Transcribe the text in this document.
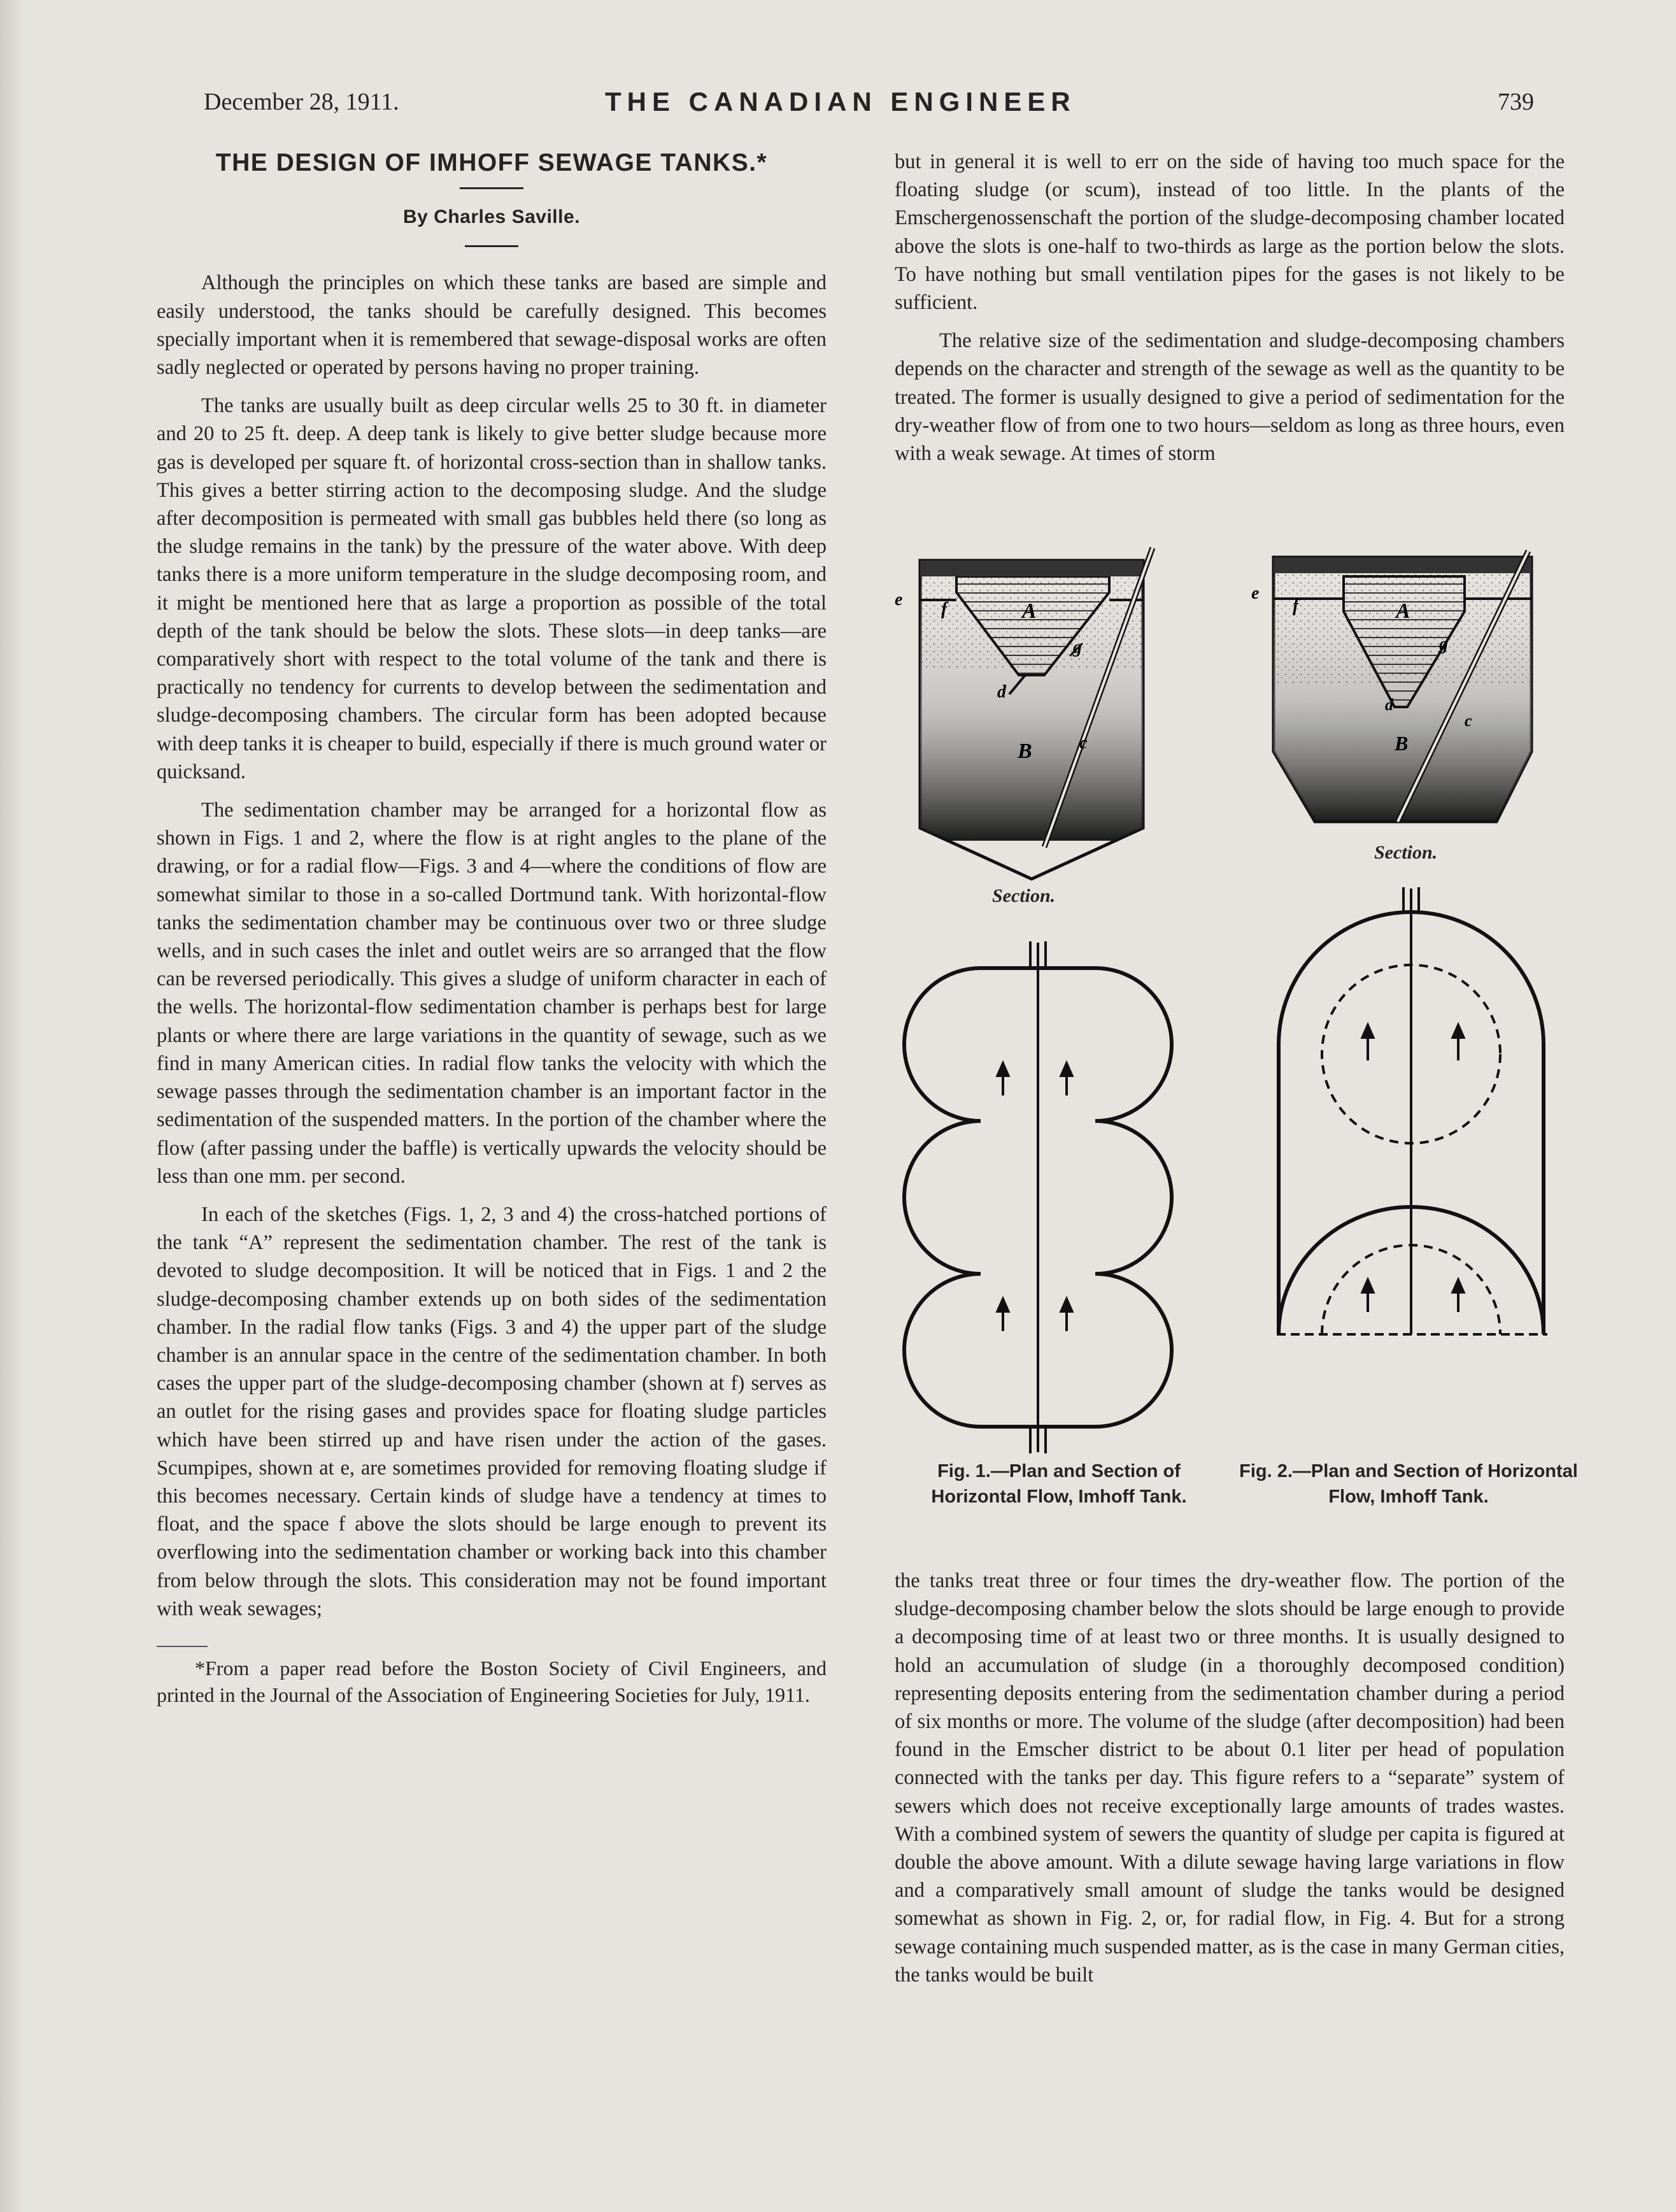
December 28, 1911.	THE CANADIAN ENGINEER	739
THE DESIGN OF IMHOFF SEWAGE TANKS.*
By Charles Saville.

Although the principles on which these tanks are based are simple and easily understood, the tanks should be carefully designed. This becomes specially important when it is remembered that sewage-disposal works are often sadly neglected or operated by persons having no proper training.

The tanks are usually built as deep circular wells 25 to 30 ft. in diameter and 20 to 25 ft. deep. A deep tank is likely to give better sludge because more gas is developed per square ft. of horizontal cross-section than in shallow tanks. This gives a better stirring action to the decomposing sludge. And the sludge after decomposition is permeated with small gas bubbles held there (so long as the sludge remains in the tank) by the pressure of the water above. With deep tanks there is a more uniform temperature in the sludge decomposing room, and it might be mentioned here that as large a proportion as possible of the total depth of the tank should be below the slots. These slots—in deep tanks—are comparatively short with respect to the total volume of the tank and there is practically no tendency for currents to develop between the sedimentation and sludge-decomposing chambers. The circular form has been adopted because with deep tanks it is cheaper to build, especially if there is much ground water or quicksand.

The sedimentation chamber may be arranged for a horizontal flow as shown in Figs. 1 and 2, where the flow is at right angles to the plane of the drawing, or for a radial flow—Figs. 3 and 4—where the conditions of flow are somewhat similar to those in a so-called Dortmund tank. With horizontal-flow tanks the sedimentation chamber may be continuous over two or three sludge wells, and in such cases the inlet and outlet weirs are so arranged that the flow can be reversed periodically. This gives a sludge of uniform character in each of the wells. The horizontal-flow sedimentation chamber is perhaps best for large plants or where there are large variations in the quantity of sewage, such as we find in many American cities. In radial flow tanks the velocity with which the sewage passes through the sedimentation chamber is an important factor in the sedimentation of the suspended matters. In the portion of the chamber where the flow (after passing under the baffle) is vertically upwards the velocity should be less than one mm. per second.

In each of the sketches (Figs. 1, 2, 3 and 4) the cross-hatched portions of the tank “A” represent the sedimentation chamber. The rest of the tank is devoted to sludge decomposition. It will be noticed that in Figs. 1 and 2 the sludge-decomposing chamber extends up on both sides of the sedimentation chamber. In the radial flow tanks (Figs. 3 and 4) the upper part of the sludge chamber is an annular space in the centre of the sedimentation chamber. In both cases the upper part of the sludge-decomposing chamber (shown at f) serves as an outlet for the rising gases and provides space for floating sludge particles which have been stirred up and have risen under the action of the gases. Scumpipes, shown at e, are sometimes provided for removing floating sludge if this becomes necessary. Certain kinds of sludge have a tendency at times to float, and the space f above the slots should be large enough to prevent its overflowing into the sedimentation chamber or working back into this chamber from below through the slots. This consideration may not be found important with weak sewages;

*From a paper read before the Boston Society of Civil Engineers, and printed in the Journal of the Association of Engineering Societies for July, 1911.

but in general it is well to err on the side of having too much space for the floating sludge (or scum), instead of too little. In the plants of the Emschergenossenschaft the portion of the sludge-decomposing chamber located above the slots is one-half to two-thirds as large as the portion below the slots. To have nothing but small ventilation pipes for the gases is not likely to be sufficient.

The relative size of the sedimentation and sludge-decomposing chambers depends on the character and strength of the sewage as well as the quantity to be treated. The former is usually designed to give a period of sedimentation for the dry-weather flow of from one to two hours—seldom as long as three hours, even with a weak sewage. At times of storm

A
B	c
d
e f
g
A
B
c
d
e
f
g
Section.
Section.
Fig. 1.—Plan and Section of Horizontal Flow, Imhoff Tank.
Fig. 2.—Plan and Section of Horizontal Flow, Imhoff Tank.

the tanks treat three or four times the dry-weather flow. The portion of the sludge-decomposing chamber below the slots should be large enough to provide a decomposing time of at least two or three months. It is usually designed to hold an accumulation of sludge (in a thoroughly decomposed condition) representing deposits entering from the sedimentation chamber during a period of six months or more. The volume of the sludge (after decomposition) had been found in the Emscher district to be about 0.1 liter per head of population connected with the tanks per day. This figure refers to a “separate” system of sewers which does not receive exceptionally large amounts of trades wastes. With a combined system of sewers the quantity of sludge per capita is figured at double the above amount. With a dilute sewage having large variations in flow and a comparatively small amount of sludge the tanks would be designed somewhat as shown in Fig. 2, or, for radial flow, in Fig. 4. But for a strong sewage containing much suspended matter, as is the case in many German cities, the tanks would be built
